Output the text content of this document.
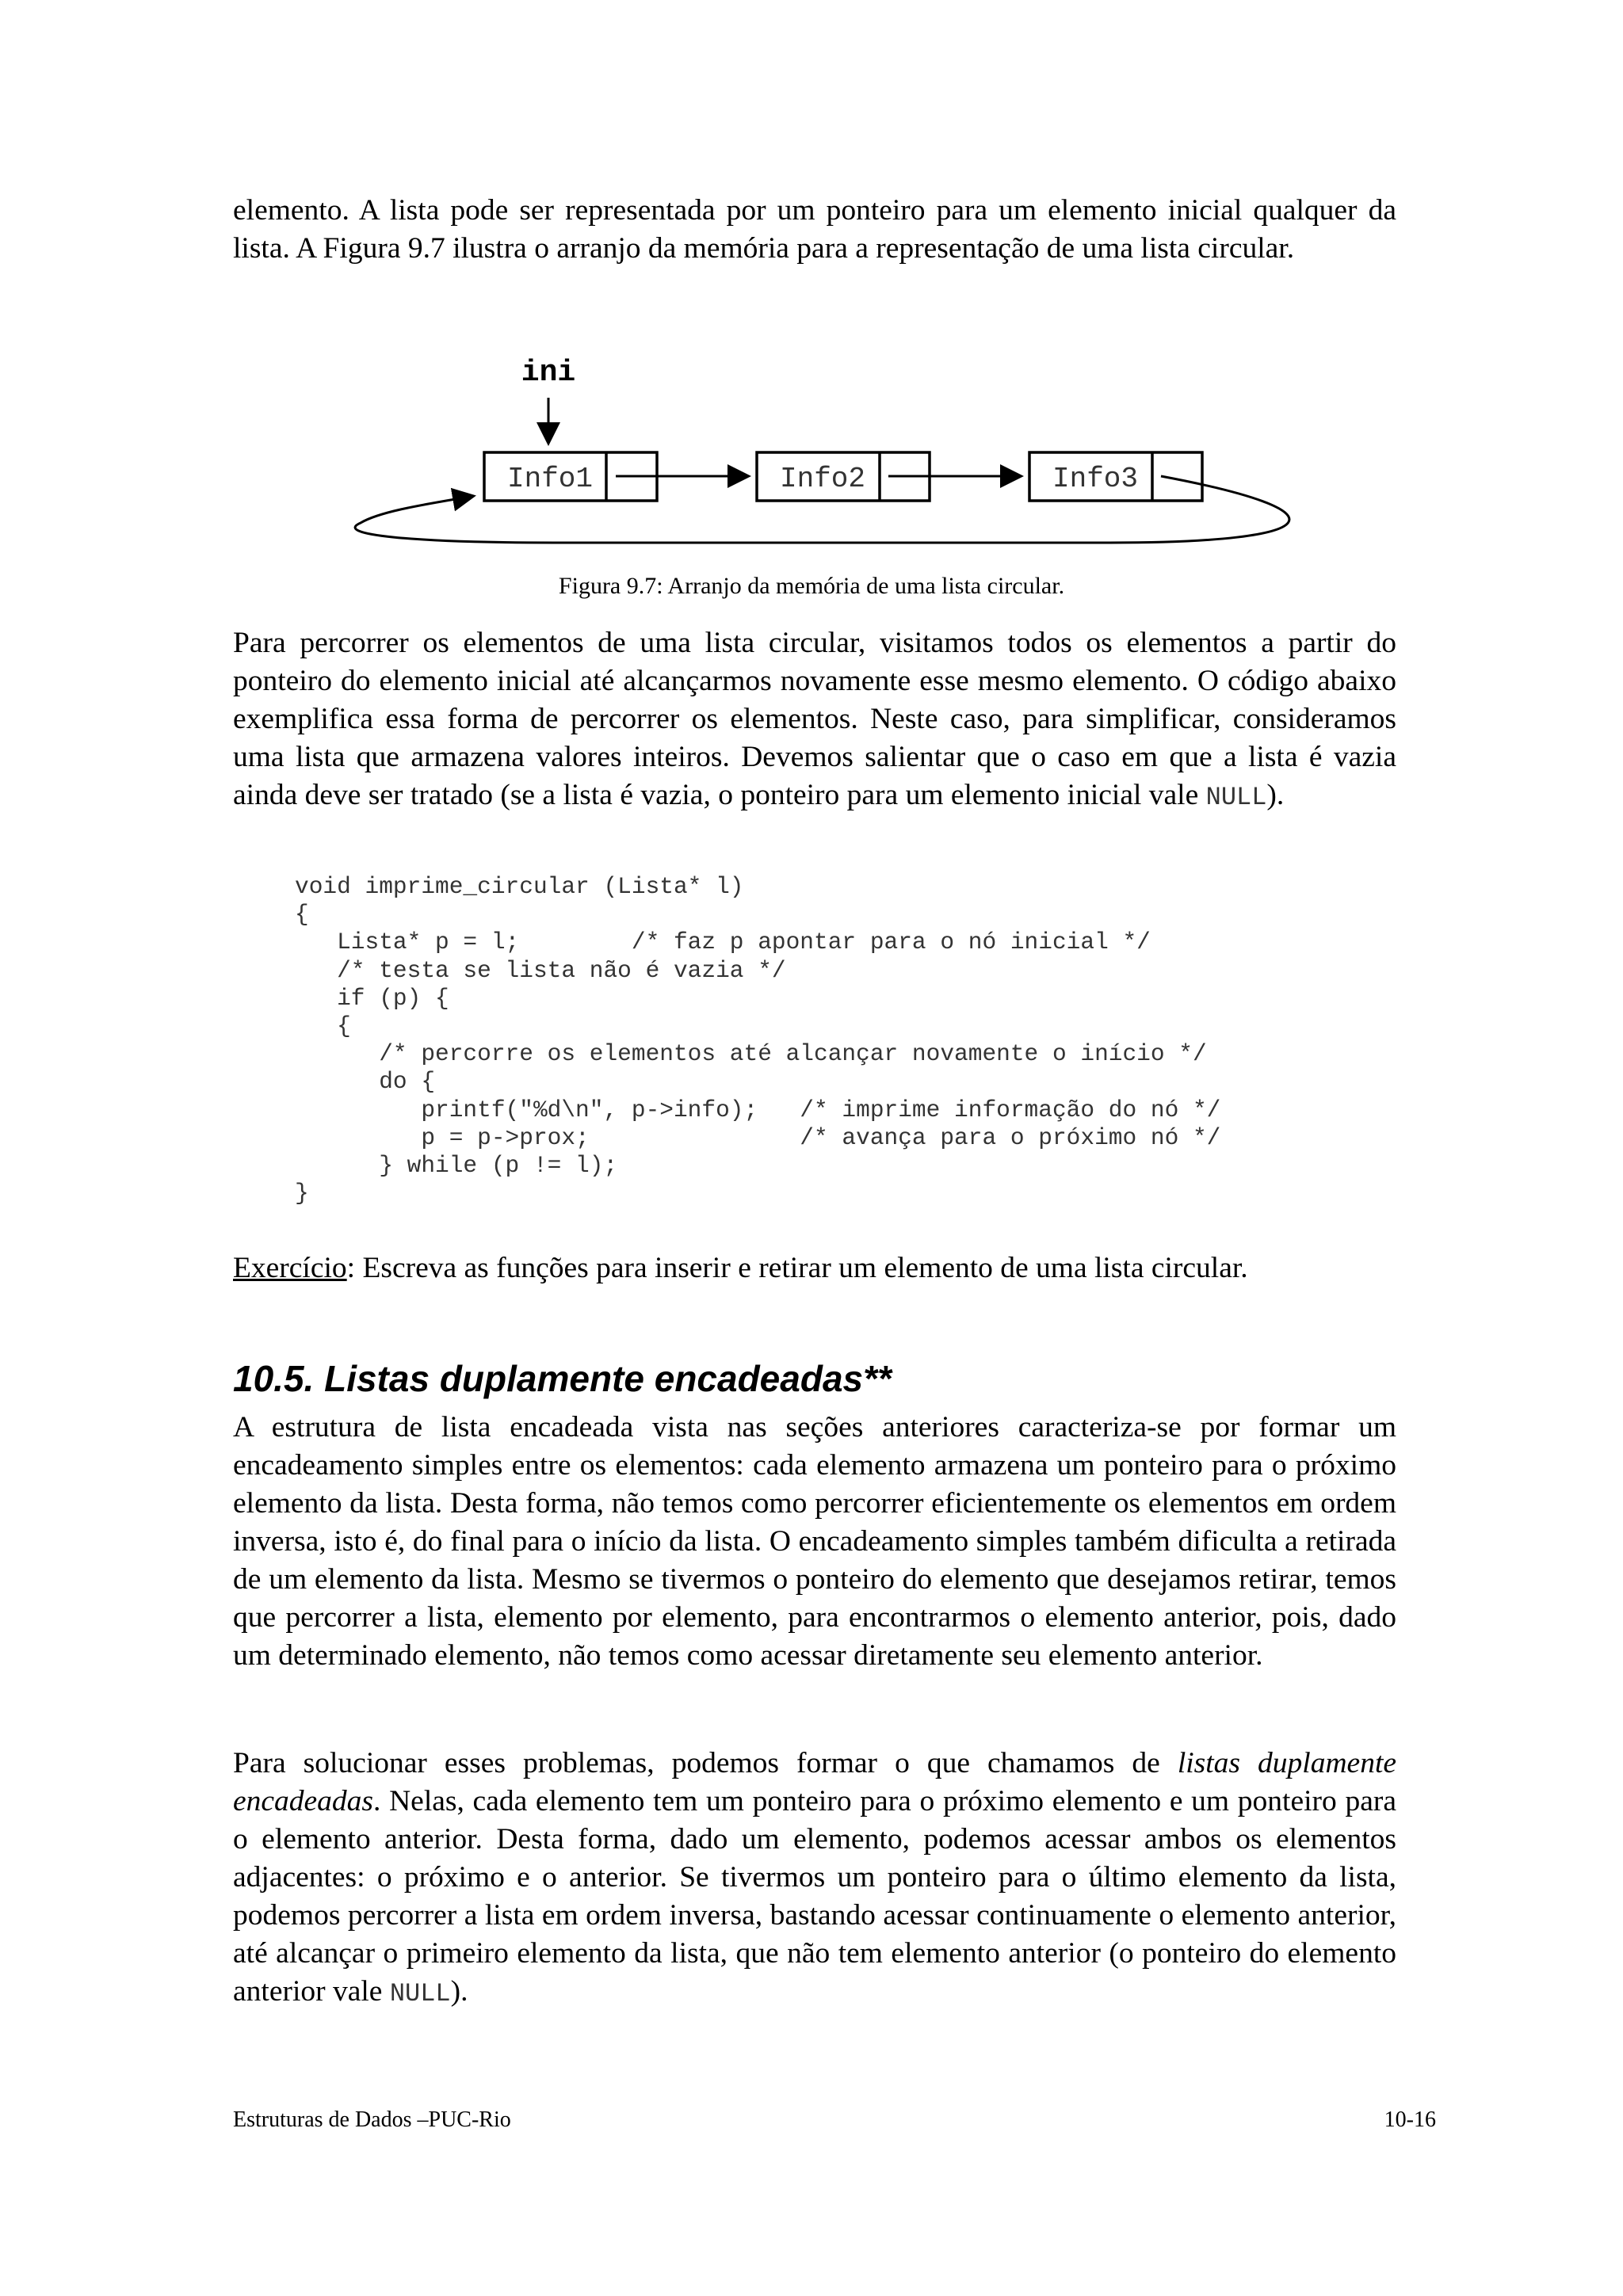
elemento. A lista pode ser representada por um ponteiro para um elemento inicial qualquer da lista. A Figura 9.7 ilustra o arranjo da memória para a representação de uma lista circular.

ini
Info1	Info2	Info3
Figura 9.7: Arranjo da memória de uma lista circular.

Para percorrer os elementos de uma lista circular, visitamos todos os elementos a partir do ponteiro do elemento inicial até alcançarmos novamente esse mesmo elemento. O código abaixo exemplifica essa forma de percorrer os elementos. Neste caso, para simplificar, consideramos uma lista que armazena valores inteiros. Devemos salientar que o caso em que a lista é vazia ainda deve ser tratado (se a lista é vazia, o ponteiro para um elemento inicial vale NULL).

void imprime_circular (Lista* l)
{
Lista* p = l;        /* faz p apontar para o nó inicial */
/* testa se lista não é vazia */
if (p) {
{
/* percorre os elementos até alcançar novamente o início */
do {
printf("%d\n", p->info);   /* imprime informação do nó */
p = p->prox;               /* avança para o próximo nó */
} while (p != l);
}

Exercício: Escreva as funções para inserir e retirar um elemento de uma lista circular.

10.5. Listas duplamente encadeadas**

A estrutura de lista encadeada vista nas seções anteriores caracteriza-se por formar um encadeamento simples entre os elementos: cada elemento armazena um ponteiro para o próximo elemento da lista. Desta forma, não temos como percorrer eficientemente os elementos em ordem inversa, isto é, do final para o início da lista. O encadeamento simples também dificulta a retirada de um elemento da lista. Mesmo se tivermos o ponteiro do elemento que desejamos retirar, temos que percorrer a lista, elemento por elemento, para encontrarmos o elemento anterior, pois, dado um determinado elemento, não temos como acessar diretamente seu elemento anterior.

Para solucionar esses problemas, podemos formar o que chamamos de listas duplamente encadeadas. Nelas, cada elemento tem um ponteiro para o próximo elemento e um ponteiro para o elemento anterior. Desta forma, dado um elemento, podemos acessar ambos os elementos adjacentes: o próximo e o anterior. Se tivermos um ponteiro para o último elemento da lista, podemos percorrer a lista em ordem inversa, bastando acessar continuamente o elemento anterior, até alcançar o primeiro elemento da lista, que não tem elemento anterior (o ponteiro do elemento anterior vale NULL).

Estruturas de Dados –PUC-Rio	10-16
